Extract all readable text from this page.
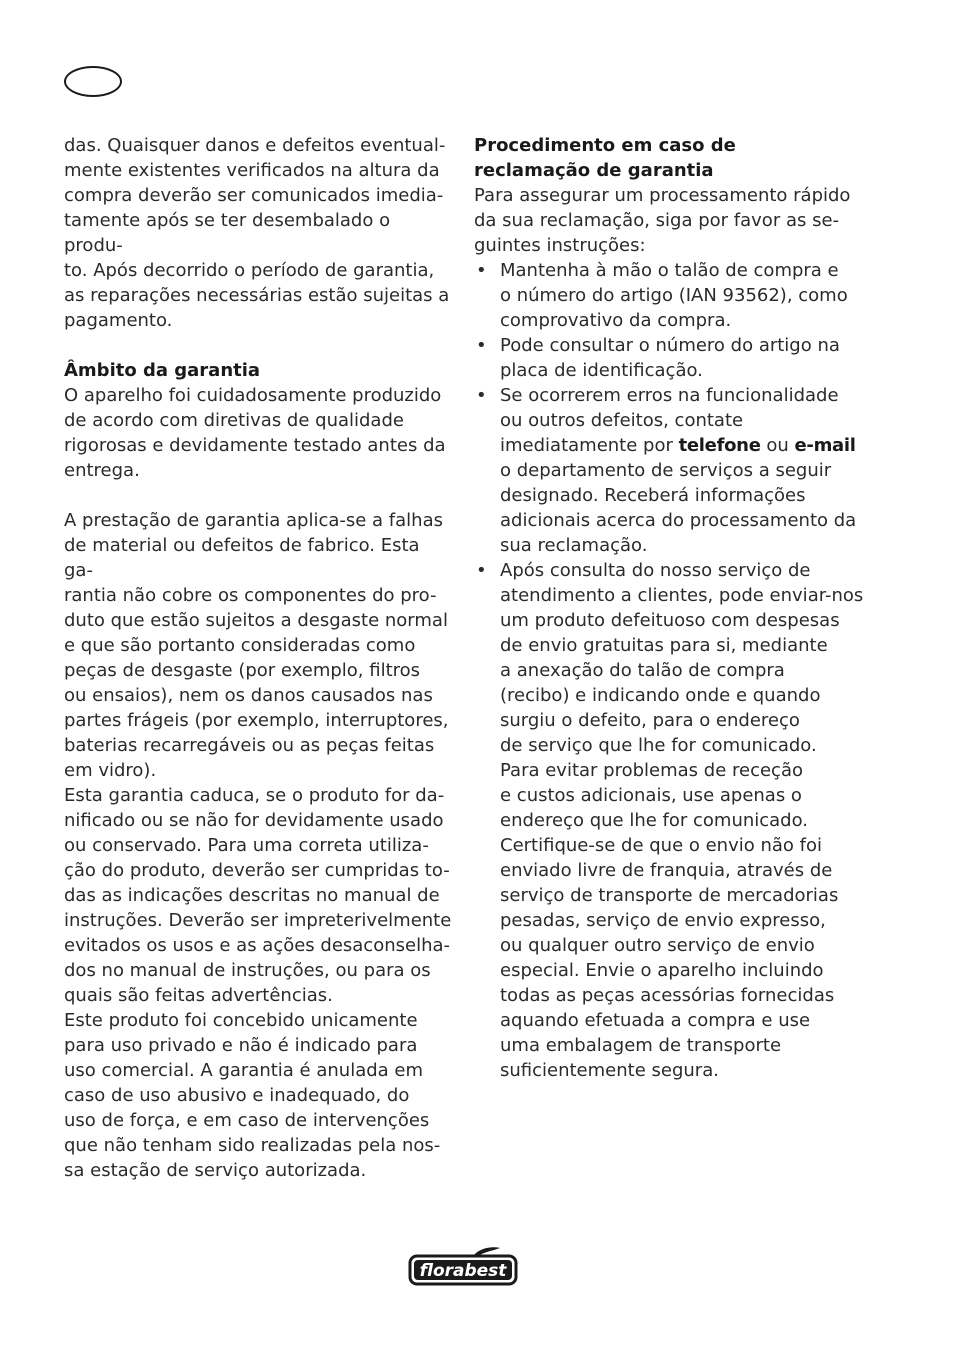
das. Quaisquer danos e defeitos eventual-
mente existentes verificados na altura da
compra deverão ser comunicados imedia-
tamente após se ter desembalado o produ-
to. Após decorrido o período de garantia,
as reparações necessárias estão sujeitas a
pagamento.

Âmbito da garantia

O aparelho foi cuidadosamente produzido
de acordo com diretivas de qualidade
rigorosas e devidamente testado antes da
entrega.

A prestação de garantia aplica-se a falhas
de material ou defeitos de fabrico. Esta ga-
rantia não cobre os componentes do pro-
duto que estão sujeitos a desgaste normal
e que são portanto consideradas como
peças de desgaste (por exemplo, filtros
ou ensaios), nem os danos causados nas
partes frágeis (por exemplo, interruptores,
baterias recarregáveis ou as peças feitas
em vidro).

Esta garantia caduca, se o produto for da-
nificado ou se não for devidamente usado
ou conservado. Para uma correta utiliza-
ção do produto, deverão ser cumpridas to-
das as indicações descritas no manual de
instruções. Deverão ser impreterivelmente
evitados os usos e as ações desaconselha-
dos no manual de instruções, ou para os
quais são feitas advertências.

Este produto foi concebido unicamente
para uso privado e não é indicado para
uso comercial. A garantia é anulada em
caso de uso abusivo e inadequado, do
uso de força, e em caso de intervenções
que não tenham sido realizadas pela nos-
sa estação de serviço autorizada.

Procedimento em caso de
reclamação de garantia

Para assegurar um processamento rápido
da sua reclamação, siga por favor as se-
guintes instruções:

• Mantenha à mão o talão de compra e
o número do artigo (IAN 93562), como
comprovativo da compra.
• Pode consultar o número do artigo na
placa de identificação.
• Se ocorrerem erros na funcionalidade
ou outros defeitos, contate
imediatamente por telefone ou e-mail
o departamento de serviços a seguir
designado. Receberá informações
adicionais acerca do processamento da
sua reclamação.
• Após consulta do nosso serviço de
atendimento a clientes, pode enviar-nos
um produto defeituoso com despesas
de envio gratuitas para si, mediante
a anexação do talão de compra
(recibo) e indicando onde e quando
surgiu o defeito, para o endereço
de serviço que lhe for comunicado.
Para evitar problemas de receção
e custos adicionais, use apenas o
endereço que lhe for comunicado.
Certifique-se de que o envio não foi
enviado livre de franquia, através de
serviço de transporte de mercadorias
pesadas, serviço de envio expresso,
ou qualquer outro serviço de envio
especial. Envie o aparelho incluindo
todas as peças acessórias fornecidas
aquando efetuada a compra e use
uma embalagem de transporte
suficientemente segura.
florabest
